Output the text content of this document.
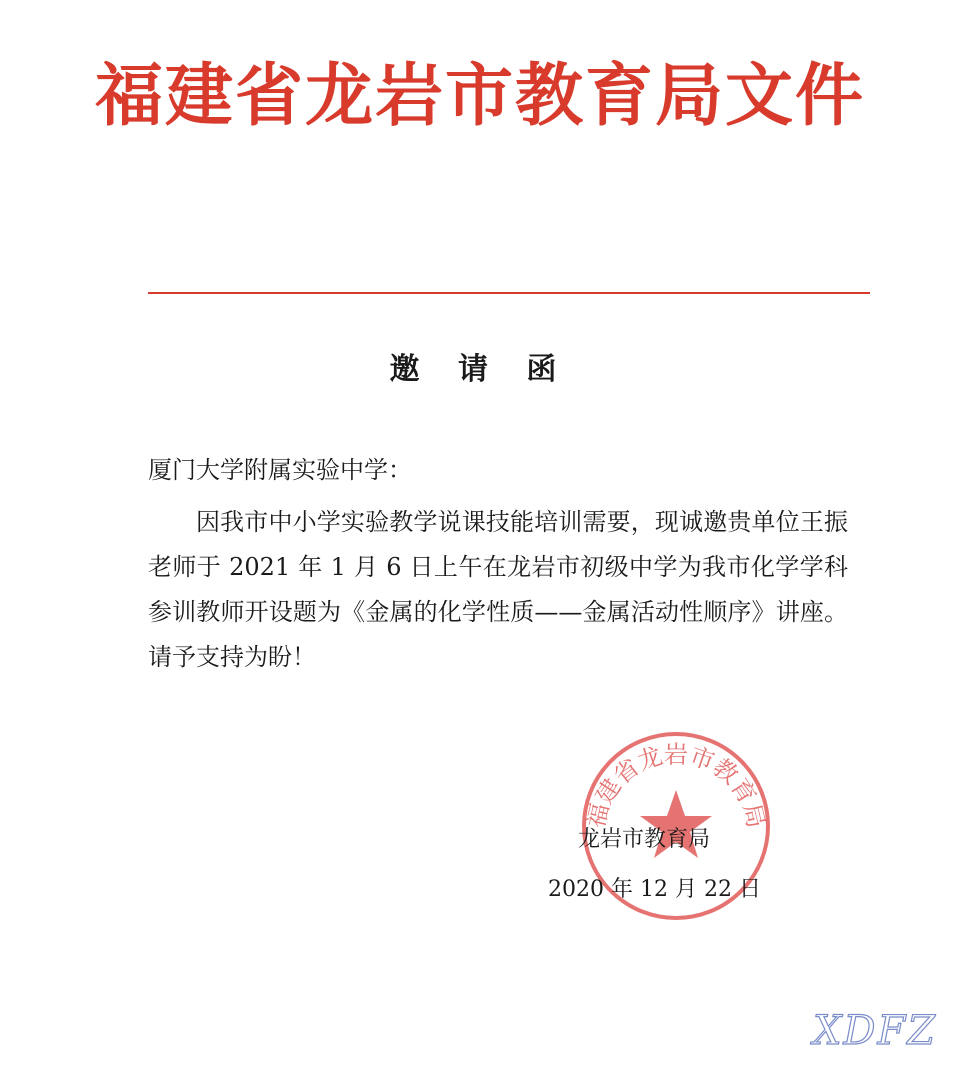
福建省龙岩市教育局文件
邀 请 函
厦门大学附属实验中学：
因我市中小学实验教学说课技能培训需要，现诚邀贵单位王振老师于 2021 年 1 月 6 日上午在龙岩市初级中学为我市化学学科参训教师开设题为《金属的化学性质——金属活动性顺序》讲座。请予支持为盼！
福建省龙岩市教育局
龙岩市教育局
2020 年 12 月 22 日
XDFZ
